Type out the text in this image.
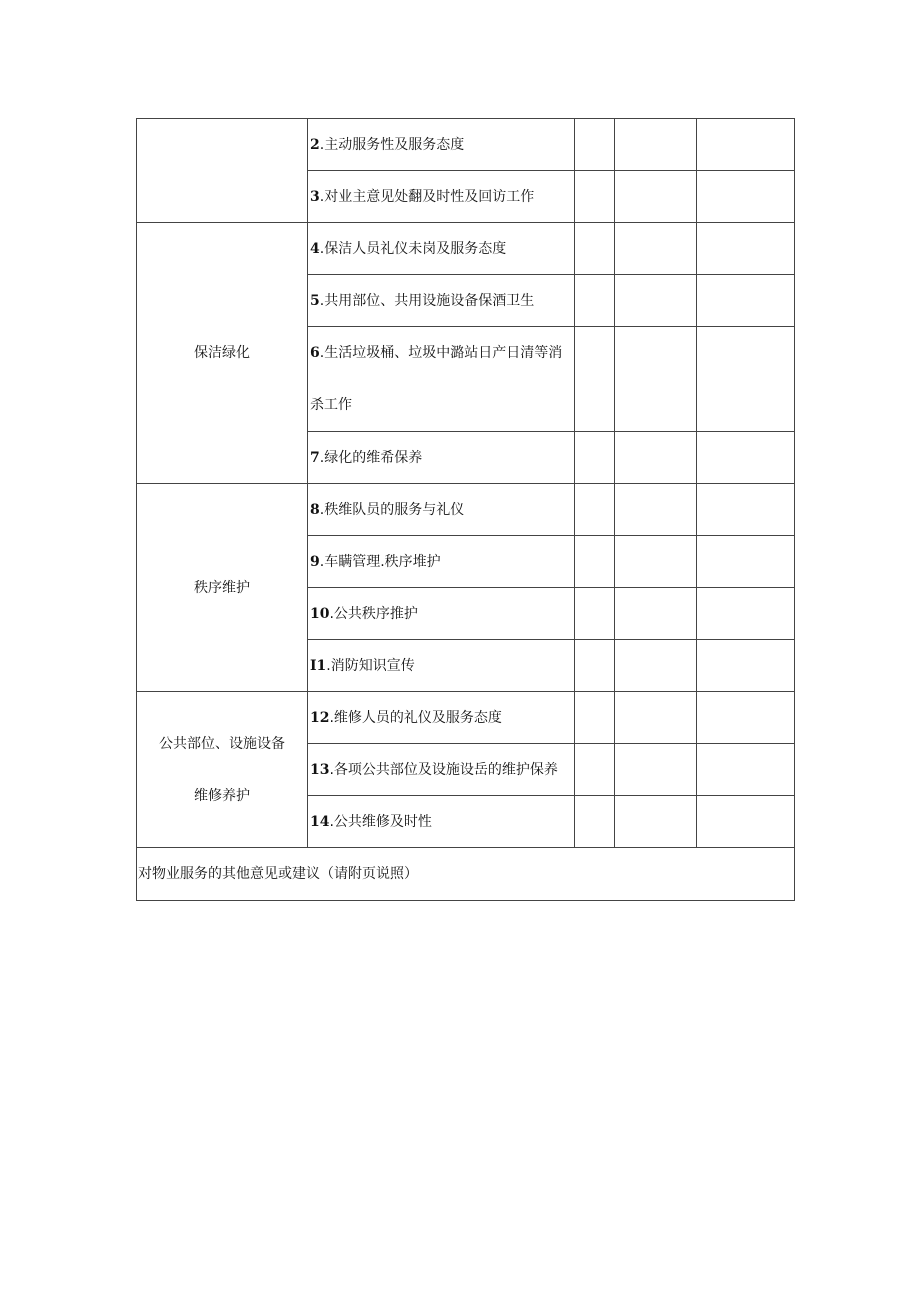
	2.主动服务性及服务态度			
	3.对业主意见处翻及时性及回访工作			
保洁绿化	4.保洁人员礼仪未岗及服务态度			
	5.共用部位、共用设施设备保酒卫生			
	6.生活垃圾桶、垃圾中潞站日产日清等消
杀工作			
	7.绿化的维希保养			
秩序维护	8.秩维队员的服务与礼仪			
	9.车瞒管理.秩序堆护			
	10.公共秩序推护			
	I1.消防知识宣传			
公共部位、设施设备
维修养护	12.维修人员的礼仪及服务态度			
	13.各项公共部位及设施设岳的维护保养			
	14.公共维修及时性			
对物业服务的其他意见或建议（请附页说照）				
